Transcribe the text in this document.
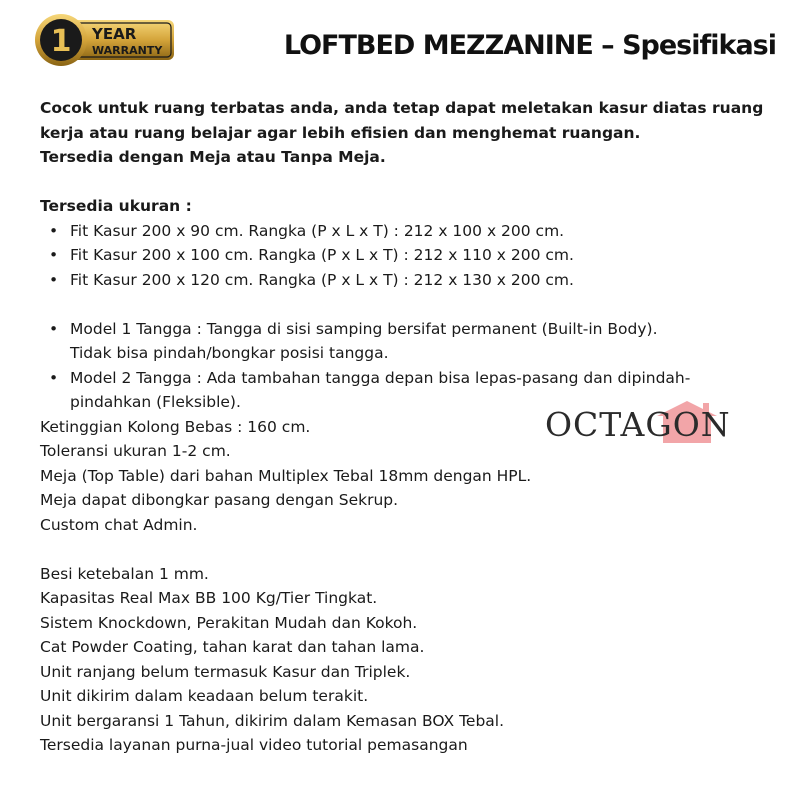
1 YEAR
WARRANTY	LOFTBED MEZZANINE – Spesifikasi

Cocok untuk ruang terbatas anda, anda tetap dapat meletakan kasur diatas ruang

kerja atau ruang belajar agar lebih efisien dan menghemat ruangan.

Tersedia dengan Meja atau Tanpa Meja.

Tersedia ukuran :

• Fit Kasur 200 x 90 cm. Rangka (P x L x T) : 212 x 100 x 200 cm.
• Fit Kasur 200 x 100 cm. Rangka (P x L x T) : 212 x 110 x 200 cm.
• Fit Kasur 200 x 120 cm. Rangka (P x L x T) : 212 x 130 x 200 cm.
• Model 1 Tangga : Tangga di sisi samping bersifat permanent (Built-in Body).
Tidak bisa pindah/bongkar posisi tangga.
• Model 2 Tangga : Ada tambahan tangga depan bisa lepas-pasang dan dipindah-
pindahkan (Fleksible).

Ketinggian Kolong Bebas : 160 cm.

Toleransi ukuran 1-2 cm.

Meja (Top Table) dari bahan Multiplex Tebal 18mm dengan HPL.

Meja dapat dibongkar pasang dengan Sekrup.

Custom chat Admin.

Besi ketebalan 1 mm.

Kapasitas Real Max BB 100 Kg/Tier Tingkat.

Sistem Knockdown, Perakitan Mudah dan Kokoh.

Cat Powder Coating, tahan karat dan tahan lama.

Unit ranjang belum termasuk Kasur dan Triplek.

Unit dikirim dalam keadaan belum terakit.

Unit bergaransi 1 Tahun, dikirim dalam Kemasan BOX Tebal.

Tersedia layanan purna-jual video tutorial pemasangan

OCTAGON
